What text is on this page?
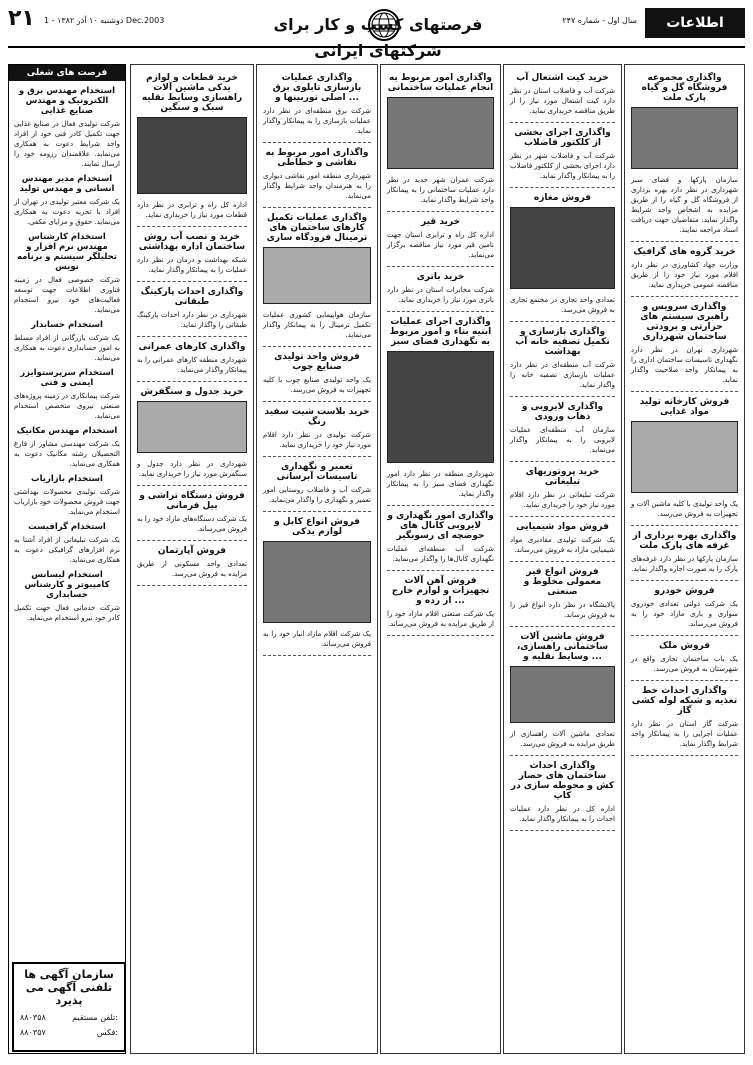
۲۱ دوشنبه ۱۰ آذر ۱۳۸۲ - 1 Dec.2003	فرصتهای کسب و کار برای شرکتهای ایرانی
سال اول - شماره ۲۴۷	اطلاعات
فرصت های شغلی
استخدام مهندس برق و الکترونیک و مهندس صنایع غذایی
شرکت تولیدی فعال در صنایع غذایی جهت تکمیل کادر فنی خود از افراد واجد شرایط دعوت به همکاری می‌نماید. علاقمندان رزومه خود را ارسال نمایند.
استخدام مدیر مهندس انسانی و مهندس تولید
یک شرکت معتبر تولیدی در تهران از افراد با تجربه دعوت به همکاری می‌نماید. حقوق و مزایای مکفی.
استخدام کارشناس مهندس نرم افزار و تحلیلگر سیستم و برنامه نویس
شرکت خصوصی فعال در زمینه فناوری اطلاعات جهت توسعه فعالیت‌های خود نیرو استخدام می‌نماید.
استخدام حسابدار
یک شرکت بازرگانی از افراد مسلط به امور حسابداری دعوت به همکاری می‌نماید.
استخدام سرپرستوایزر ایمنی و فنی
شرکت پیمانکاری در زمینه پروژه‌های صنعتی نیروی متخصص استخدام می‌نماید.
استخدام مهندس مکانیک
یک شرکت مهندسی مشاور از فارغ التحصیلان رشته مکانیک دعوت به همکاری می‌نماید.
استخدام بازاریاب
شرکت تولیدی محصولات بهداشتی جهت فروش محصولات خود بازاریاب استخدام می‌نماید.
استخدام گرافیست
یک شرکت تبلیغاتی از افراد آشنا به نرم افزارهای گرافیکی دعوت به همکاری می‌نماید.
استخدام لیسانس کامپیوتر و کارشناس حسابداری
شرکت خدماتی فعال جهت تکمیل کادر خود نیرو استخدام می‌نماید.
سازمان آگهی ها تلفنی آگهی می پذیرد
۸۸۰۳۵۸	تلفن مستقیم:
۸۸۰۳۵۷	فکس:
واگذاری مجموعه فروشگاه گل و گیاه پارک ملت
سازمان پارکها و فضای سبز شهرداری در نظر دارد بهره برداری از فروشگاه گل و گیاه را از طریق مزایده به اشخاص واجد شرایط واگذار نماید. متقاضیان جهت دریافت اسناد مراجعه نمایند.
خرید گروه های گرافیک
وزارت جهاد کشاورزی در نظر دارد اقلام مورد نیاز خود را از طریق مناقصه عمومی خریداری نماید.
واگذاری سرویس و راهبری سیستم های حرارتی و برودتی ساختمان شهرداری
شهرداری تهران در نظر دارد نگهداری تاسیسات ساختمان اداری را به پیمانکار واجد صلاحیت واگذار نماید.
فروش کارخانه تولید مواد غذایی
یک واحد تولیدی با کلیه ماشین آلات و تجهیزات به فروش می‌رسد.
واگذاری بهره برداری از غرفه های پارک ملت
سازمان پارکها در نظر دارد غرفه‌های پارک را به صورت اجاره واگذار نماید.
فروش خودرو
یک شرکت دولتی تعدادی خودروی سواری و باری مازاد خود را به فروش می‌رساند.
فروش ملک
یک باب ساختمان تجاری واقع در شهرستان به فروش می‌رسد.
واگذاری احداث خط تغذیه و شبکه لوله کشی گاز
شرکت گاز استان در نظر دارد عملیات اجرایی را به پیمانکار واجد شرایط واگذار نماید.
خرید کیت اشتعال آب
شرکت آب و فاضلاب استان در نظر دارد کیت اشتعال مورد نیاز را از طریق مناقصه خریداری نماید.
واگذاری اجرای بخشی از کلکتور فاضلاب
شرکت آب و فاضلاب شهر در نظر دارد اجرای بخشی از کلکتور فاضلاب را به پیمانکار واگذار نماید.
فروش مغازه
تعدادی واحد تجاری در مجتمع تجاری به فروش می‌رسد.
واگذاری بازسازی و تکمیل تصفیه خانه آب بهداشت
شرکت آب منطقه‌ای در نظر دارد عملیات بازسازی تصفیه خانه را واگذار نماید.
واگذاری لایروبی و ذهاب ورودی
سازمان آب منطقه‌ای عملیات لایروبی را به پیمانکار واگذار می‌نماید.
خرید پروتوریهای تبلیغاتی
شرکت تبلیغاتی در نظر دارد اقلام مورد نیاز خود را خریداری نماید.
فروش مواد شیمیایی
یک شرکت تولیدی مقادیری مواد شیمیایی مازاد به فروش می‌رساند.
فروش انواع قیر معمولی مخلوط و صنعتی
پالایشگاه در نظر دارد انواع قیر را به فروش برساند.
فروش ماشین آلات ساختمانی راهسازی، وسایط نقلیه و ...
تعدادی ماشین آلات راهسازی از طریق مزایده به فروش می‌رسد.
واگذاری احداث ساختمان های حصار کش و محوطه سازی در کاپ
اداره کل در نظر دارد عملیات احداث را به پیمانکار واگذار نماید.
واگذاری امور مربوط به انجام عملیات ساختمانی
شرکت عمران شهر جدید در نظر دارد عملیات ساختمانی را به پیمانکار واجد شرایط واگذار نماید.
خرید قیر
اداره کل راه و ترابری استان جهت تامین قیر مورد نیاز مناقصه برگزار می‌نماید.
خرید باتری
شرکت مخابرات استان در نظر دارد باتری مورد نیاز را خریداری نماید.
واگذاری اجرای عملیات ابنیه بناء و امور مربوط به نگهداری فضای سبز
شهرداری منطقه در نظر دارد امور نگهداری فضای سبز را به پیمانکار واگذار نماید.
واگذاری امور نگهداری و لایروبی کانال های حوضچه ای رسوبگیر
شرکت آب منطقه‌ای عملیات نگهداری کانال‌ها را واگذار می‌نماید.
فروش آهن آلات تجهیزات و لوازم خارج از رده و ...
یک شرکت صنعتی اقلام مازاد خود را از طریق مزایده به فروش می‌رساند.
واگذاری عملیات بازسازی تابلوی برق اصلی توربینها و ...
شرکت برق منطقه‌ای در نظر دارد عملیات بازسازی را به پیمانکار واگذار نماید.
واگذاری امور مربوط به نقاشی و خطاطی
شهرداری منطقه امور نقاشی دیواری را به هنرمندان واجد شرایط واگذار می‌نماید.
واگذاری عملیات تکمیل کارهای ساختمان های ترمینال فرودگاه ساری
سازمان هواپیمایی کشوری عملیات تکمیل ترمینال را به پیمانکار واگذار می‌نماید.
فروش واحد تولیدی صنایع چوب
یک واحد تولیدی صنایع چوب با کلیه تجهیزات به فروش می‌رسد.
خرید بلاست شیت سفید رنگ
شرکت تولیدی در نظر دارد اقلام مورد نیاز خود را خریداری نماید.
تعمیر و نگهداری تاسیسات آبرسانی
شرکت آب و فاضلاب روستایی امور تعمیر و نگهداری را واگذار می‌نماید.
فروش انواع کابل و لوازم یدکی
یک شرکت اقلام مازاد انبار خود را به فروش می‌رساند.
خرید قطعات و لوازم یدکی ماشین آلات راهسازی وسایط نقلیه سبک و سنگین
اداره کل راه و ترابری در نظر دارد قطعات مورد نیاز را خریداری نماید.
خرید و نصب آب روش ساختمان اداره بهداشتی
شبکه بهداشت و درمان در نظر دارد عملیات را به پیمانکار واگذار نماید.
واگذاری احداث پارکینگ طبقاتی
شهرداری در نظر دارد احداث پارکینگ طبقاتی را واگذار نماید.
واگذاری کارهای عمرانی
شهرداری منطقه کارهای عمرانی را به پیمانکار واگذار می‌نماید.
خرید جدول و سنگفرش
شهرداری در نظر دارد جدول و سنگفرش مورد نیاز را خریداری نماید.
فروش دستگاه تراشی و بیل فرمانی
یک شرکت دستگاه‌های مازاد خود را به فروش می‌رساند.
فروش آپارتمان
تعدادی واحد مسکونی از طریق مزایده به فروش می‌رسد.
